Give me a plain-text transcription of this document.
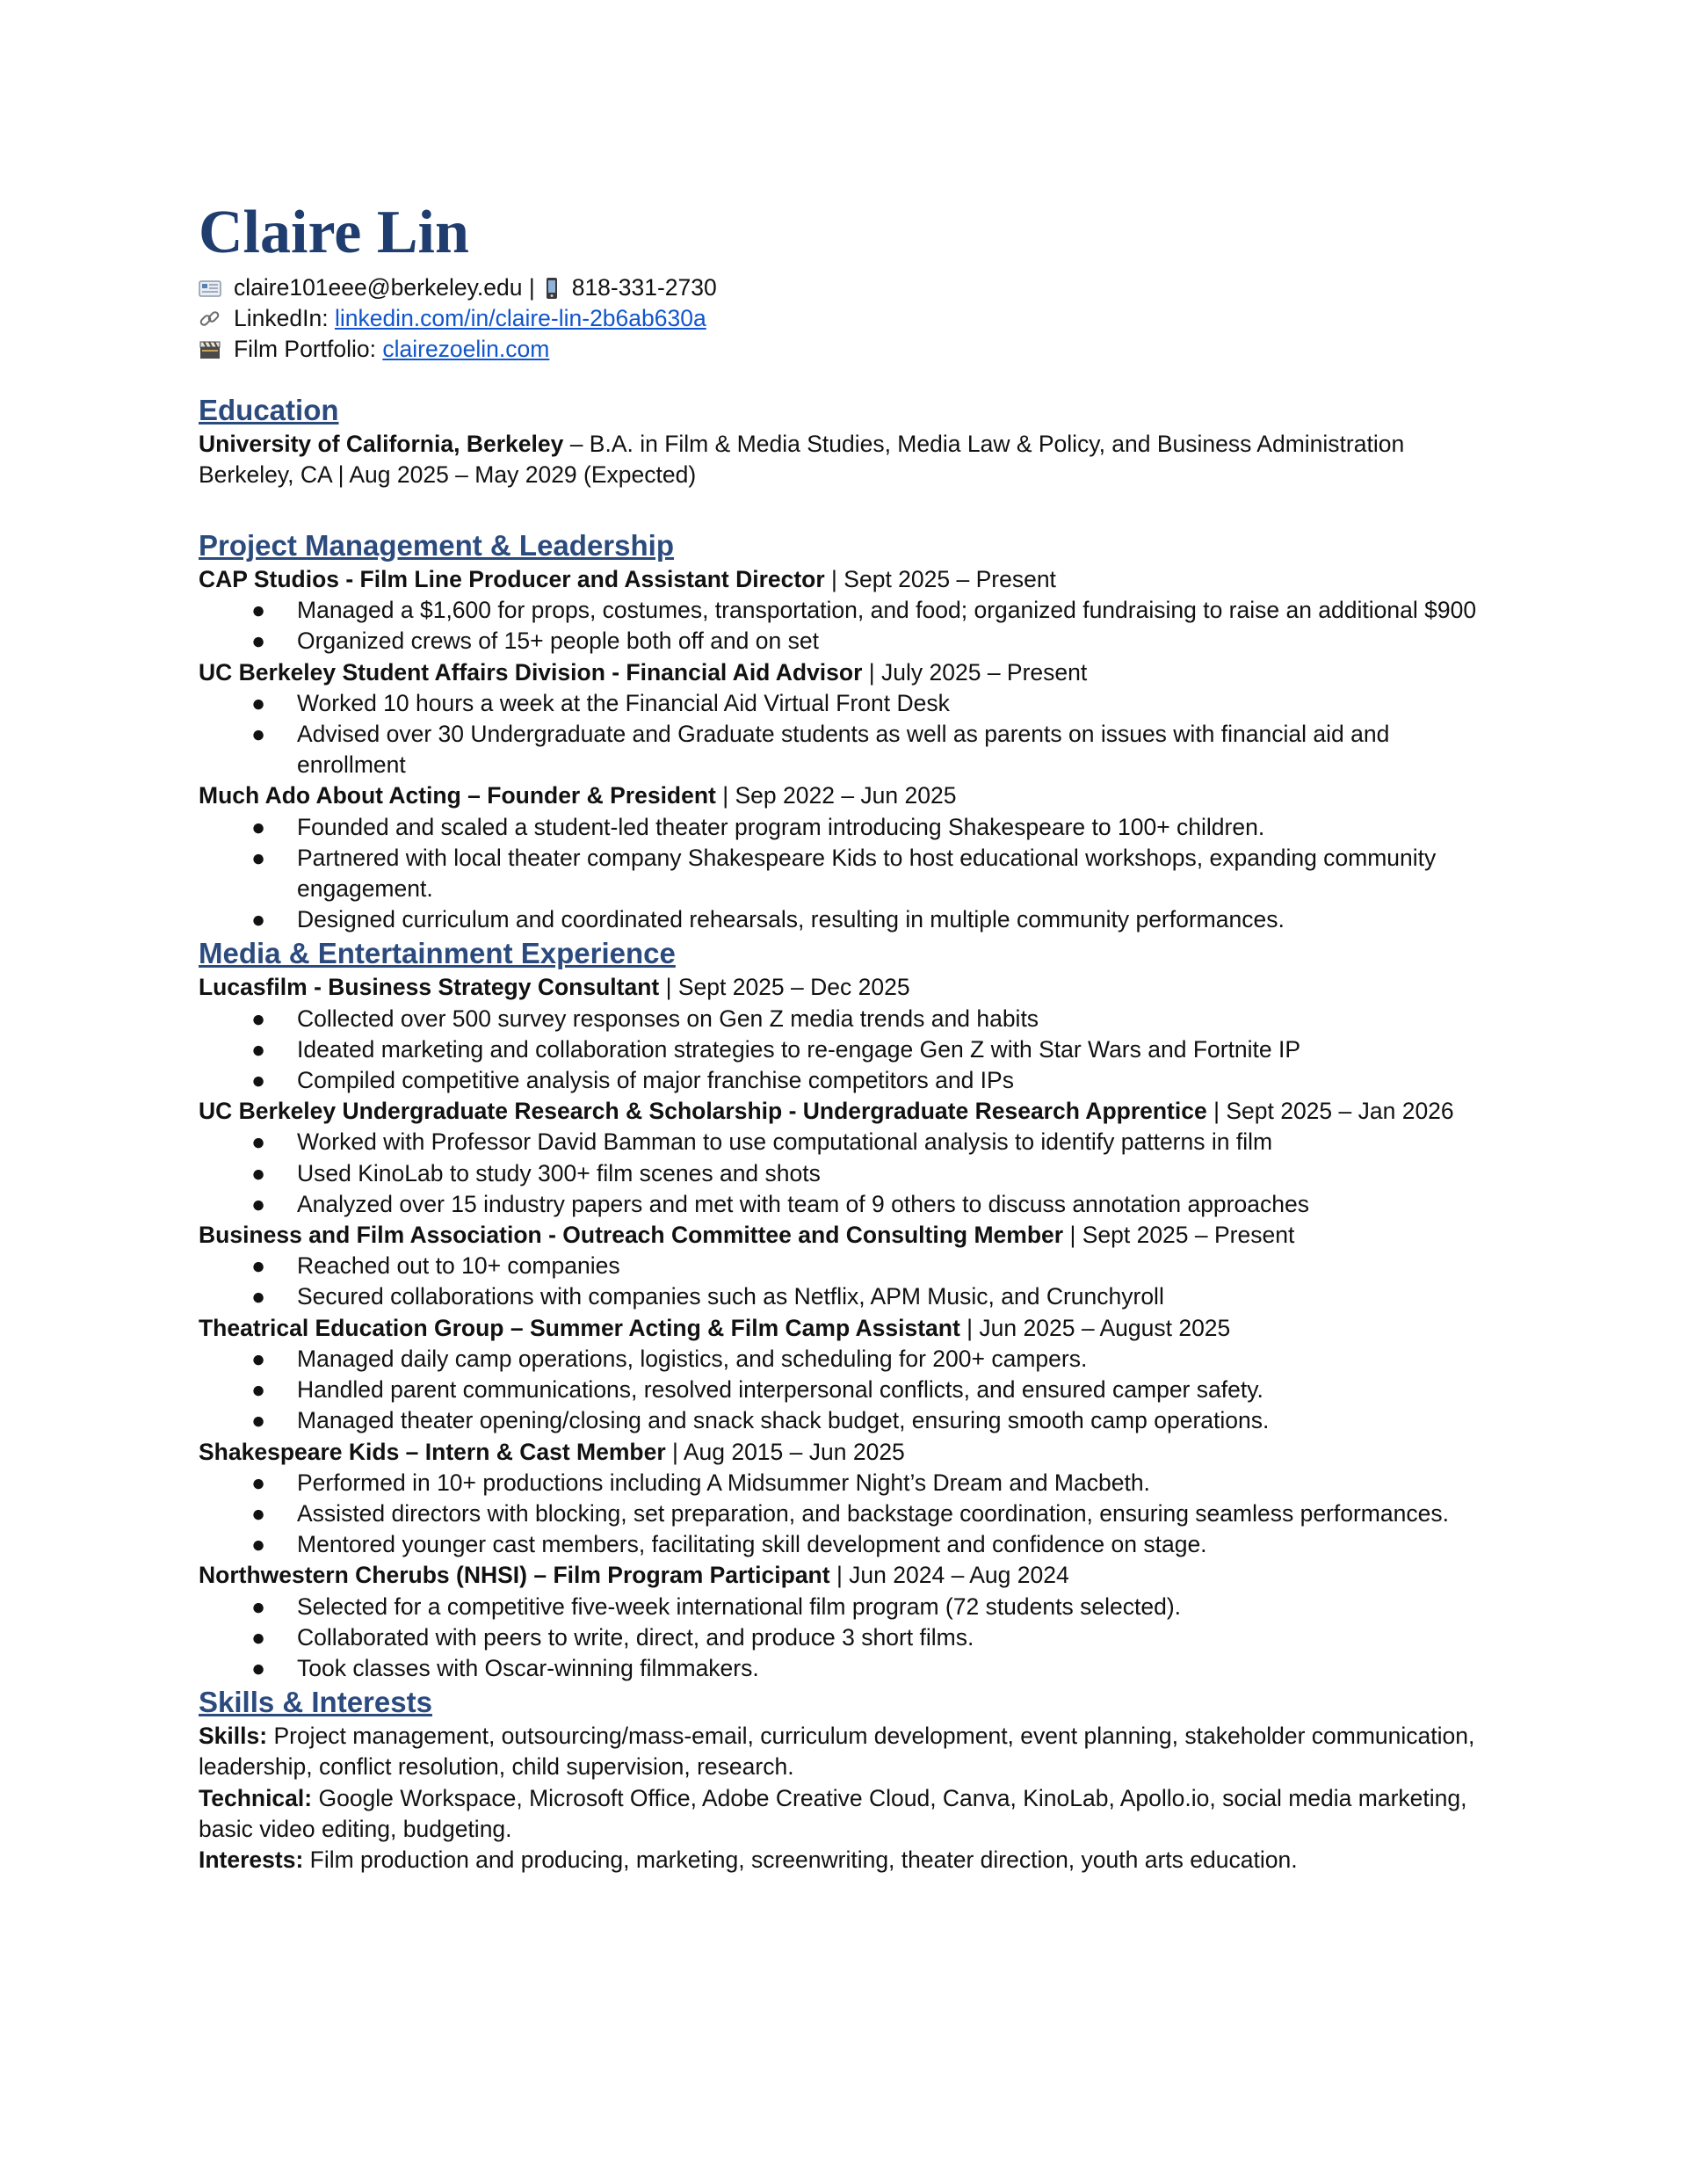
Claire Lin
claire101eee@berkeley.edu
| 818-331-2730
LinkedIn:
linkedin.com/in/claire-lin-2b6ab630a
Film Portfolio:
clairezoelin.com
Education
University of California, Berkeley – B.A. in Film & Media Studies, Media Law & Policy, and Business Administration
Berkeley, CA | Aug 2025 – May 2029 (Expected)
Project Management & Leadership
CAP Studios - Film Line Producer and Assistant Director | Sept 2025 – Present
● Managed a $1,600 for props, costumes, transportation, and food; organized fundraising to raise an additional $900
● Organized crews of 15+ people both off and on set
UC Berkeley Student Affairs Division - Financial Aid Advisor | July 2025 – Present
● Worked 10 hours a week at the Financial Aid Virtual Front Desk
● Advised over 30 Undergraduate and Graduate students as well as parents on issues with financial aid and enrollment
Much Ado About Acting – Founder & President | Sep 2022 – Jun 2025
● Founded and scaled a student-led theater program introducing Shakespeare to 100+ children.
● Partnered with local theater company Shakespeare Kids to host educational workshops, expanding community engagement.
● Designed curriculum and coordinated rehearsals, resulting in multiple community performances.
Media & Entertainment Experience
Lucasfilm - Business Strategy Consultant | Sept 2025 – Dec 2025
● Collected over 500 survey responses on Gen Z media trends and habits
● Ideated marketing and collaboration strategies to re-engage Gen Z with Star Wars and Fortnite IP
● Compiled competitive analysis of major franchise competitors and IPs
UC Berkeley Undergraduate Research & Scholarship - Undergraduate Research Apprentice | Sept 2025 – Jan 2026
● Worked with Professor David Bamman to use computational analysis to identify patterns in film
● Used KinoLab to study 300+ film scenes and shots
● Analyzed over 15 industry papers and met with team of 9 others to discuss annotation approaches
Business and Film Association - Outreach Committee and Consulting Member | Sept 2025 – Present
● Reached out to 10+ companies
● Secured collaborations with companies such as Netflix, APM Music, and Crunchyroll
Theatrical Education Group – Summer Acting & Film Camp Assistant | Jun 2025 – August 2025
● Managed daily camp operations, logistics, and scheduling for 200+ campers.
● Handled parent communications, resolved interpersonal conflicts, and ensured camper safety.
● Managed theater opening/closing and snack shack budget, ensuring smooth camp operations.
Shakespeare Kids – Intern & Cast Member | Aug 2015 – Jun 2025
● Performed in 10+ productions including A Midsummer Night’s Dream and Macbeth.
● Assisted directors with blocking, set preparation, and backstage coordination, ensuring seamless performances.
● Mentored younger cast members, facilitating skill development and confidence on stage.
Northwestern Cherubs (NHSI) – Film Program Participant | Jun 2024 – Aug 2024
● Selected for a competitive five-week international film program (72 students selected).
● Collaborated with peers to write, direct, and produce 3 short films.
● Took classes with Oscar-winning filmmakers.
Skills & Interests
Skills: Project management, outsourcing/mass-email, curriculum development, event planning, stakeholder communication, leadership, conflict resolution, child supervision, research.
Technical: Google Workspace, Microsoft Office, Adobe Creative Cloud, Canva, KinoLab, Apollo.io, social media marketing, basic video editing, budgeting.
Interests: Film production and producing, marketing, screenwriting, theater direction, youth arts education.
